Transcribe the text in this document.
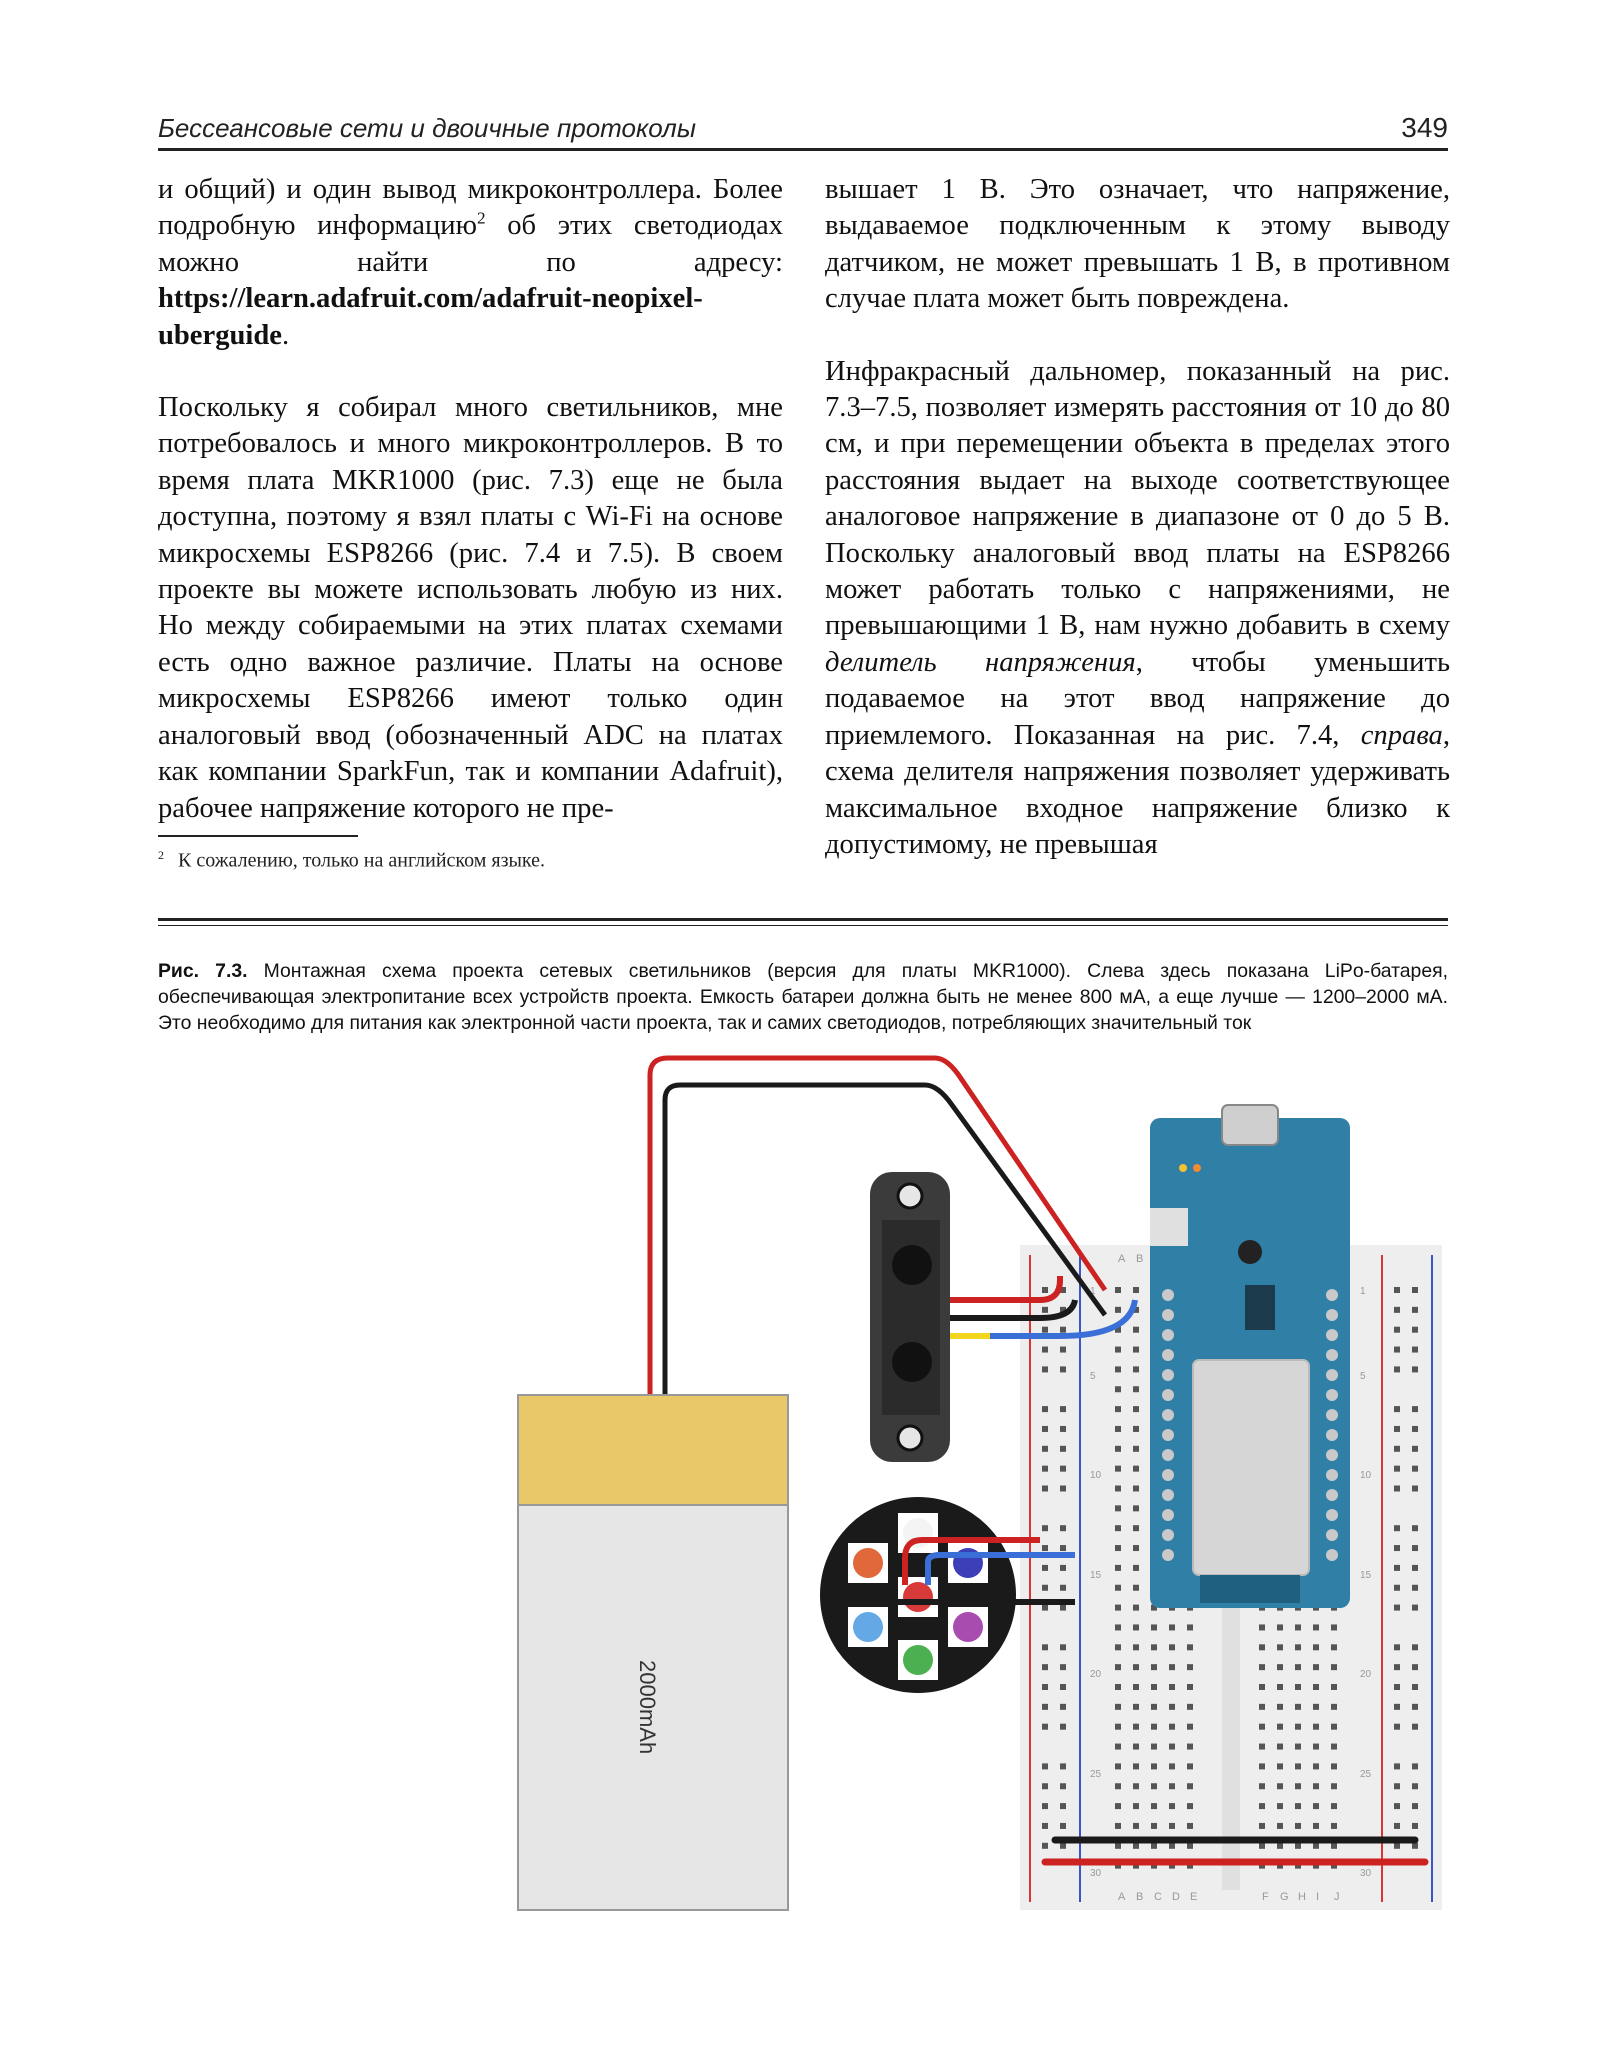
Бессеансовые сети и двоичные протоколы	349

и общий) и один вывод микроконтроллера. Более подробную информацию$^2$ об этих светодиодах можно найти по адресу: https://learn.adafruit.com/adafruit-neopixel-uberguide.

Поскольку я собирал много светильников, мне потребовалось и много микроконтроллеров. В то время плата MKR1000 (рис. 7.3) еще не была доступна, поэтому я взял платы с Wi-Fi на основе микросхемы ESP8266 (рис. 7.4 и 7.5). В своем проекте вы можете использовать любую из них. Но между собираемыми на этих платах схемами есть одно важное различие. Платы на основе микросхемы ESP8266 имеют только один аналоговый ввод (обозначенный ADC на платах как компании SparkFun, так и компании Adafruit), рабочее напряжение которого не пре-

$^2$ К сожалению, только на английском языке.

вышает 1 В. Это означает, что напряжение, выдаваемое подключенным к этому выводу датчиком, не может превышать 1 В, в противном случае плата может быть повреждена.

Инфракрасный дальномер, показанный на рис. 7.3–7.5, позволяет измерять расстояния от 10 до 80 см, и при перемещении объекта в пределах этого расстояния выдает на выходе соответствующее аналоговое напряжение в диапазоне от 0 до 5 В. Поскольку аналоговый ввод платы на ESP8266 может работать только с напряжениями, не превышающими 1 В, нам нужно добавить в схему делитель напряжения, чтобы уменьшить подаваемое на этот ввод напряжение до приемлемого. Показанная на рис. 7.4, справа, схема делителя напряжения позволяет удерживать максимальное входное напряжение близко к допустимому, не превышая

Рис. 7.3. Монтажная схема проекта сетевых светильников (версия для платы MKR1000). Слева здесь показана LiPo-батарея, обеспечивающая электропитание всех устройств проекта. Емкость батареи должна быть не менее 800 мА, а еще лучше — 1200–2000 мА. Это необходимо для питания как электронной части проекта, так и самих светодиодов, потребляющих значительный ток
1
5
10
15
20
25
30
1
5
10
15
20
25
30
A B
A B C D E	F G H I J
2000mAh
